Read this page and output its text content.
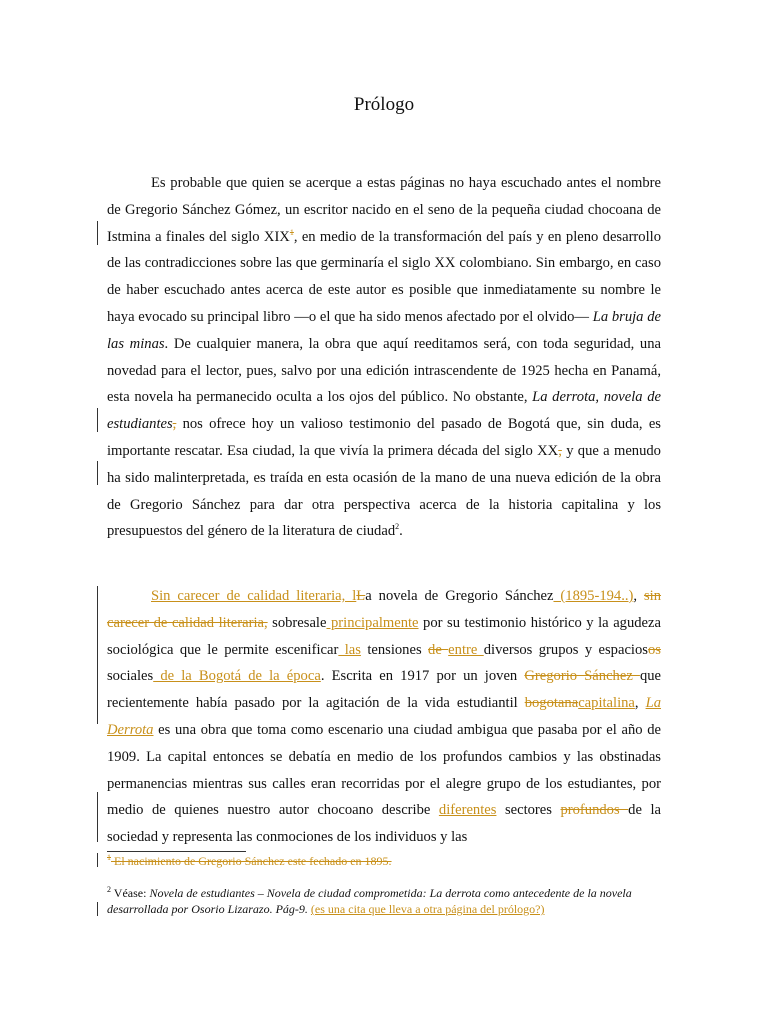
Prólogo

Es probable que quien se acerque a estas páginas no haya escuchado antes el nombre de Gregorio Sánchez Gómez, un escritor nacido en el seno de la pequeña ciudad chocoana de Istmina a finales del siglo XIX$^1$, en medio de la transformación del país y en pleno desarrollo de las contradicciones sobre las que germinaría el siglo XX colombiano. Sin embargo, en caso de haber escuchado antes acerca de este autor es posible que inmediatamente su nombre le haya evocado su principal libro —o el que ha sido menos afectado por el olvido— La bruja de las minas. De cualquier manera, la obra que aquí reeditamos será, con toda seguridad, una novedad para el lector, pues, salvo por una edición intrascendente de 1925 hecha en Panamá, esta novela ha permanecido oculta a los ojos del público. No obstante, La derrota, novela de estudiantes, nos ofrece hoy un valioso testimonio del pasado de Bogotá que, sin duda, es importante rescatar. Esa ciudad, la que vivía la primera década del siglo XX, y que a menudo ha sido malinterpretada, es traída en esta ocasión de la mano de una nueva edición de la obra de Gregorio Sánchez para dar otra perspectiva acerca de la historia capitalina y los presupuestos del género de la literatura de ciudad$^2$.

Sin carecer de calidad literaria, lLa novela de Gregorio Sánchez (1895-194..), sin carecer de calidad literaria, sobresale principalmente por su testimonio histórico y la agudeza sociológica que le permite escenificar las tensiones de entre diversos grupos y espaciosos sociales de la Bogotá de la época. Escrita en 1917 por un joven Gregorio Sánchez que recientemente había pasado por la agitación de la vida estudiantil bogotanacapitalina, La Derrota es una obra que toma como escenario una ciudad ambigua que pasaba por el año de 1909. La capital entonces se debatía en medio de los profundos cambios y las obstinadas permanencias mientras sus calles eran recorridas por el alegre grupo de los estudiantes, por medio de quienes nuestro autor chocoano describe diferentes sectores profundos de la sociedad y representa las conmociones de los individuos y las

$^1$ El nacimiento de Gregorio Sánchez este fechado en 1895.

$^2$ Véase: Novela de estudiantes – Novela de ciudad comprometida: La derrota como antecedente de la novela desarrollada por Osorio Lizarazo. Pág-9. (es una cita que lleva a otra página del prólogo?)
